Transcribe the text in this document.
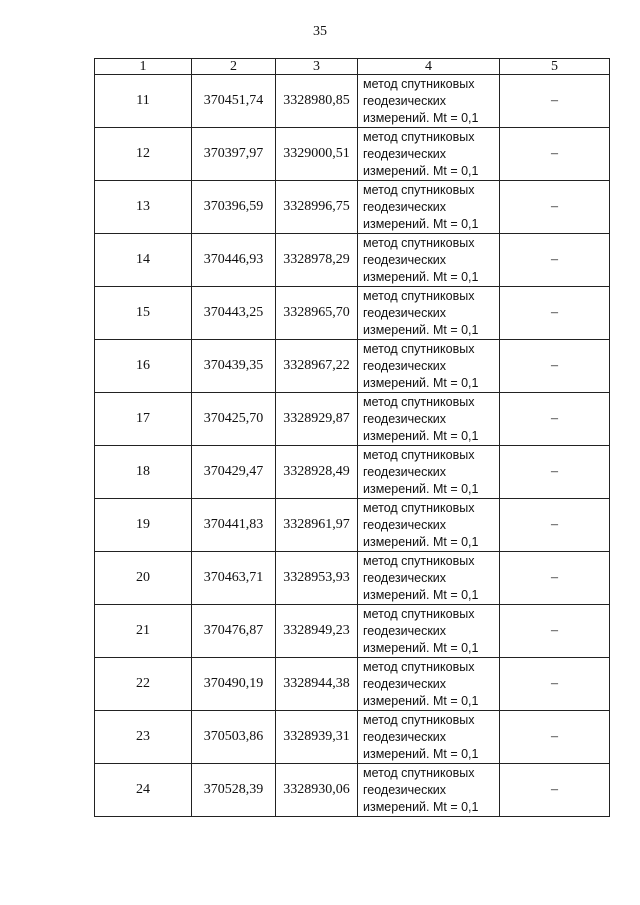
35
1	2	3	4	5
11	370451,74	3328980,85	метод спутниковых
геодезических
измерений. Mt = 0,1	–
12	370397,97	3329000,51	метод спутниковых
геодезических
измерений. Mt = 0,1	–
13	370396,59	3328996,75	метод спутниковых
геодезических
измерений. Mt = 0,1	–
14	370446,93	3328978,29	метод спутниковых
геодезических
измерений. Mt = 0,1	–
15	370443,25	3328965,70	метод спутниковых
геодезических
измерений. Mt = 0,1	–
16	370439,35	3328967,22	метод спутниковых
геодезических
измерений. Mt = 0,1	–
17	370425,70	3328929,87	метод спутниковых
геодезических
измерений. Mt = 0,1	–
18	370429,47	3328928,49	метод спутниковых
геодезических
измерений. Mt = 0,1	–
19	370441,83	3328961,97	метод спутниковых
геодезических
измерений. Mt = 0,1	–
20	370463,71	3328953,93	метод спутниковых
геодезических
измерений. Mt = 0,1	–
21	370476,87	3328949,23	метод спутниковых
геодезических
измерений. Mt = 0,1	–
22	370490,19	3328944,38	метод спутниковых
геодезических
измерений. Mt = 0,1	–
23	370503,86	3328939,31	метод спутниковых
геодезических
измерений. Mt = 0,1	–
24	370528,39	3328930,06	метод спутниковых
геодезических
измерений. Mt = 0,1	–
